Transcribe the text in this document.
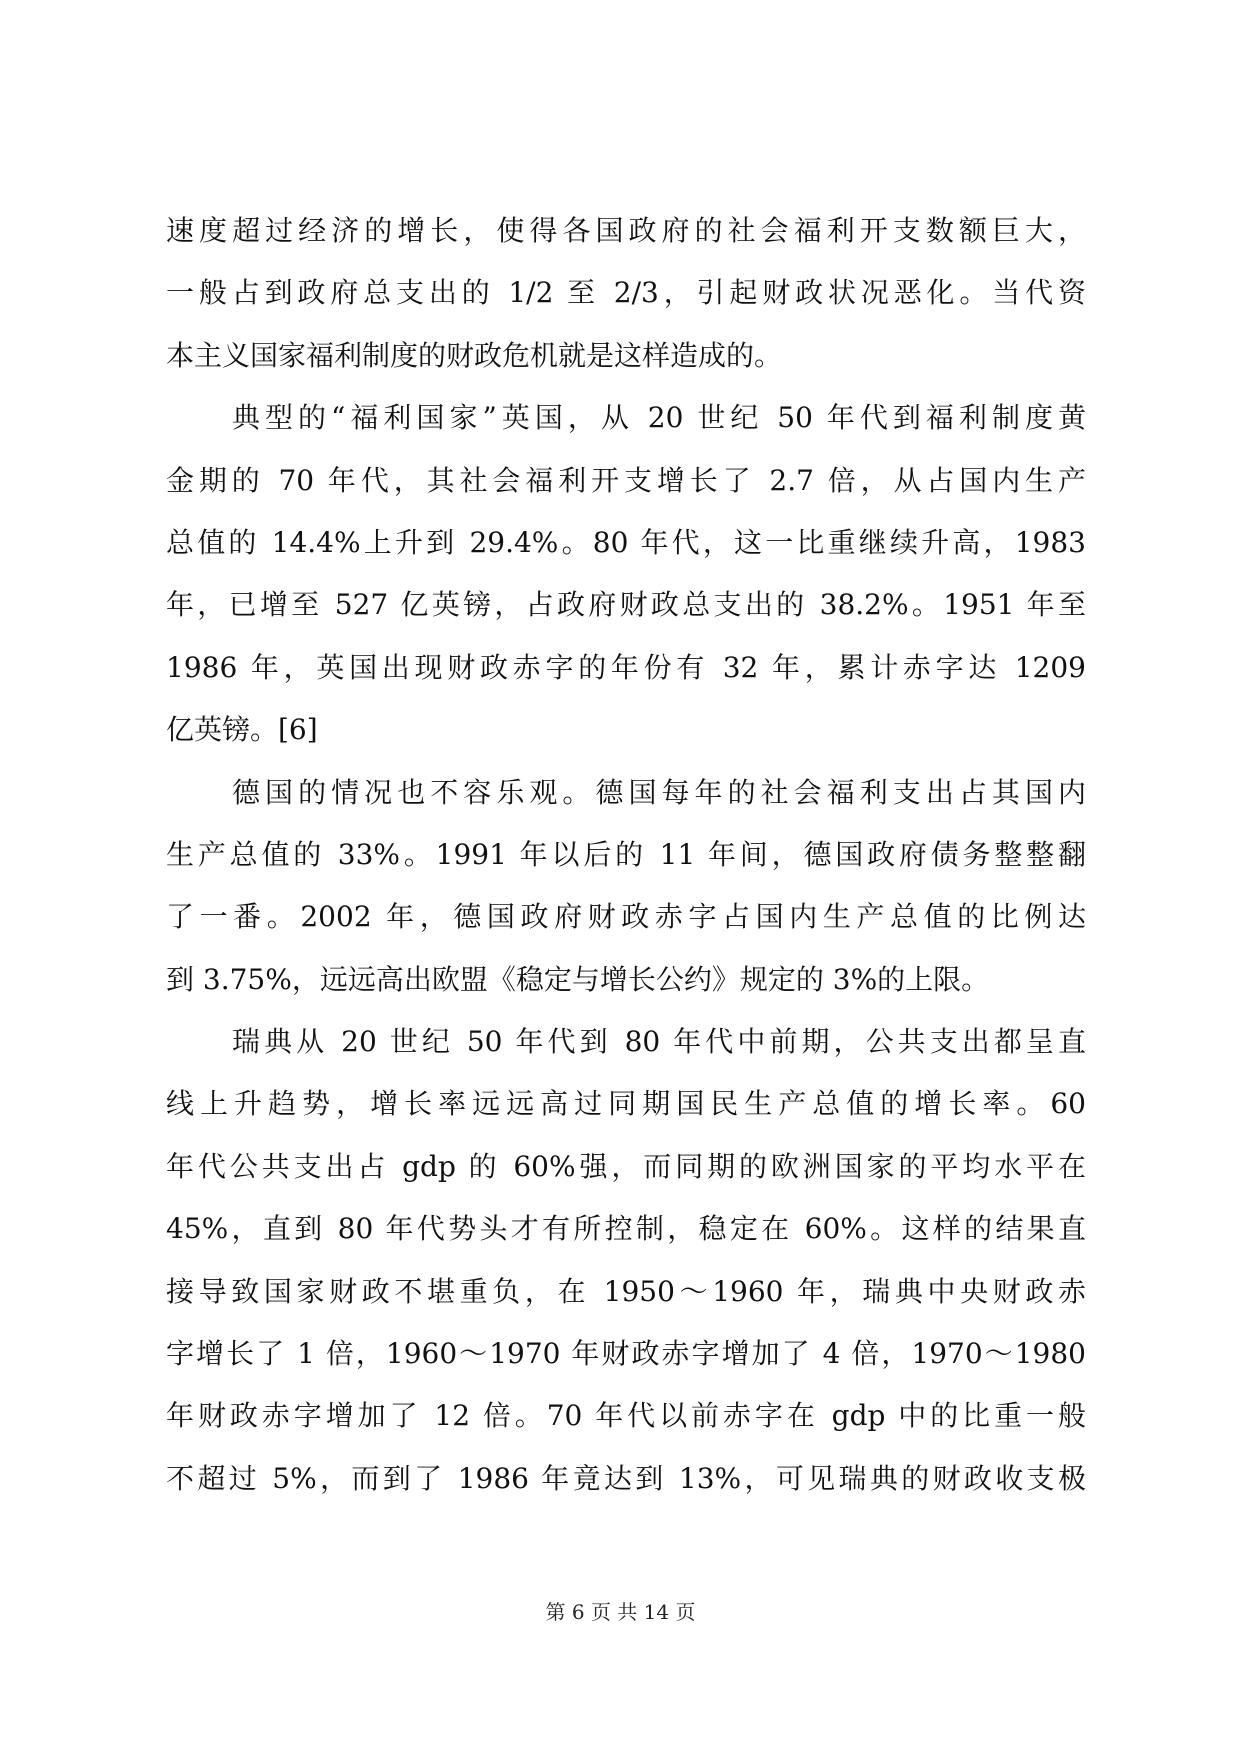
速度超过经济的增长，使得各国政府的社会福利开支数额巨大，
一般占到政府总支出的 1/2 至 2/3，引起财政状况恶化。当代资
本主义国家福利制度的财政危机就是这样造成的。
典型的“福利国家”英国，从 20 世纪 50 年代到福利制度黄
金期的 70 年代，其社会福利开支增长了 2.7 倍，从占国内生产
总值的 14.4%上升到 29.4%。80 年代，这一比重继续升高，1983
年，已增至 527 亿英镑，占政府财政总支出的 38.2%。1951 年至
1986 年，英国出现财政赤字的年份有 32 年，累计赤字达 1209
亿英镑。[6]
德国的情况也不容乐观。德国每年的社会福利支出占其国内
生产总值的 33%。1991 年以后的 11 年间，德国政府债务整整翻
了一番。2002 年，德国政府财政赤字占国内生产总值的比例达
到 3.75%，远远高出欧盟《稳定与增长公约》规定的 3%的上限。
瑞典从 20 世纪 50 年代到 80 年代中前期，公共支出都呈直
线上升趋势，增长率远远高过同期国民生产总值的增长率。60
年代公共支出占 gdp 的 60%强，而同期的欧洲国家的平均水平在
45%，直到 80 年代势头才有所控制，稳定在 60%。这样的结果直
接导致国家财政不堪重负，在 1950～1960 年，瑞典中央财政赤
字增长了 1 倍，1960～1970 年财政赤字增加了 4 倍，1970～1980
年财政赤字增加了 12 倍。70 年代以前赤字在 gdp 中的比重一般
不超过 5%，而到了 1986 年竟达到 13%，可见瑞典的财政收支极
第 6 页 共 14 页
